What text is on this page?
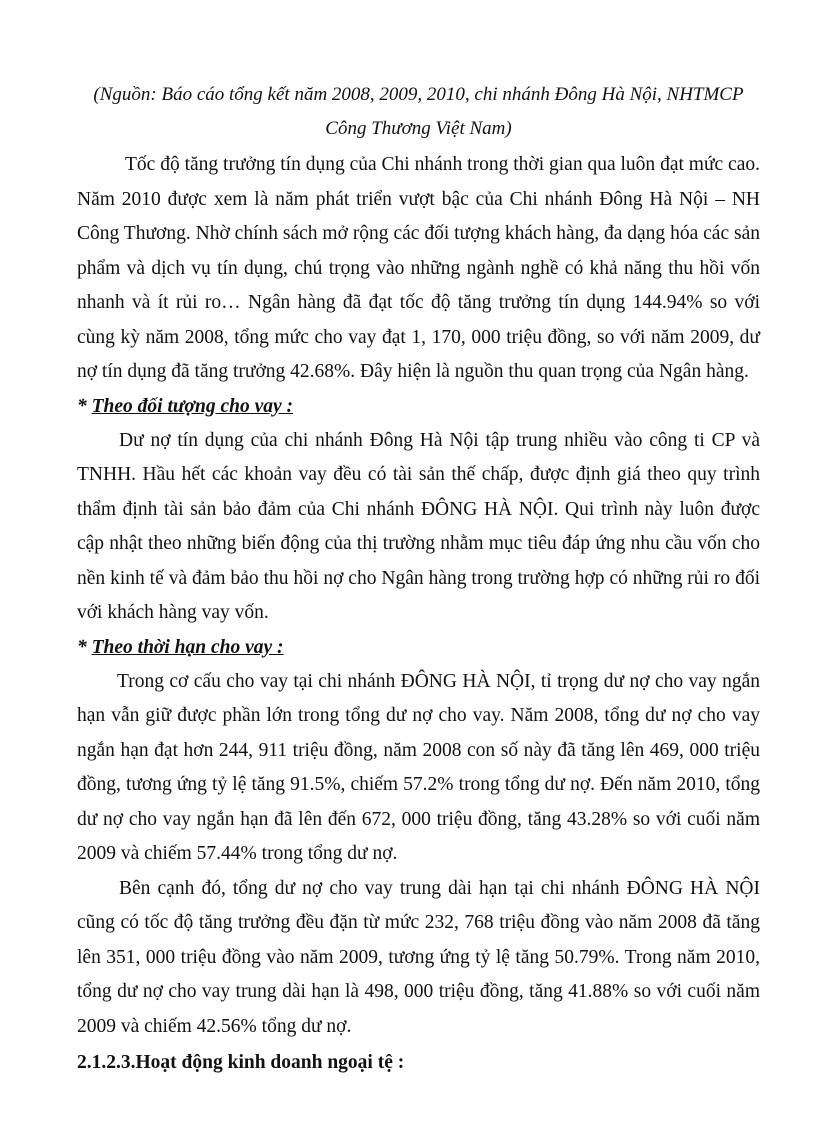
(Nguồn: Báo cáo tổng kết năm 2008, 2009, 2010, chi nhánh Đông Hà Nội, NHTMCP Công Thương Việt Nam)

Tốc độ tăng trưởng tín dụng của Chi nhánh trong thời gian qua luôn đạt mức cao. Năm 2010 được xem là năm phát triển vượt bậc của Chi nhánh Đông Hà Nội – NH Công Thương. Nhờ chính sách mở rộng các đối tượng khách hàng, đa dạng hóa các sản phẩm và dịch vụ tín dụng, chú trọng vào những ngành nghề có khả năng thu hồi vốn nhanh và ít rủi ro… Ngân hàng đã đạt tốc độ tăng trưởng tín dụng 144.94% so với cùng kỳ năm 2008, tổng mức cho vay đạt 1, 170, 000 triệu đồng, so với năm 2009, dư nợ tín dụng đã tăng trưởng 42.68%. Đây hiện là nguồn thu quan trọng của Ngân hàng.

* Theo đối tượng cho vay :

Dư nợ tín dụng của chi nhánh Đông Hà Nội tập trung nhiều vào công ti CP và TNHH. Hầu hết các khoản vay đều có tài sản thế chấp, được định giá theo quy trình thẩm định tài sản bảo đảm của Chi nhánh ĐÔNG HÀ NỘI. Qui trình này luôn được cập nhật theo những biến động của thị trường nhằm mục tiêu đáp ứng nhu cầu vốn cho nền kinh tế và đảm bảo thu hồi nợ cho Ngân hàng trong trường hợp có những rủi ro đối với khách hàng vay vốn.

* Theo thời hạn cho vay :

Trong cơ cấu cho vay tại chi nhánh ĐÔNG HÀ NỘI, tỉ trọng dư nợ cho vay ngắn hạn vẫn giữ được phần lớn trong tổng dư nợ cho vay. Năm 2008, tổng dư nợ cho vay ngắn hạn đạt hơn 244, 911 triệu đồng, năm 2008 con số này đã tăng lên 469, 000 triệu đồng, tương ứng tỷ lệ tăng 91.5%, chiếm 57.2% trong tổng dư nợ. Đến năm 2010, tổng dư nợ cho vay ngắn hạn đã lên đến 672, 000 triệu đồng, tăng 43.28% so với cuối năm 2009 và chiếm 57.44% trong tổng dư nợ.

Bên cạnh đó, tổng dư nợ cho vay trung dài hạn tại chi nhánh ĐÔNG HÀ NỘI cũng có tốc độ tăng trưởng đều đặn từ mức 232, 768 triệu đồng vào năm 2008 đã tăng lên 351, 000 triệu đồng vào năm 2009, tương ứng tỷ lệ tăng 50.79%. Trong năm 2010, tổng dư nợ cho vay trung dài hạn là 498, 000 triệu đồng, tăng 41.88% so với cuối năm 2009 và chiếm 42.56% tổng dư nợ.

2.1.2.3.Hoạt động kinh doanh ngoại tệ :
